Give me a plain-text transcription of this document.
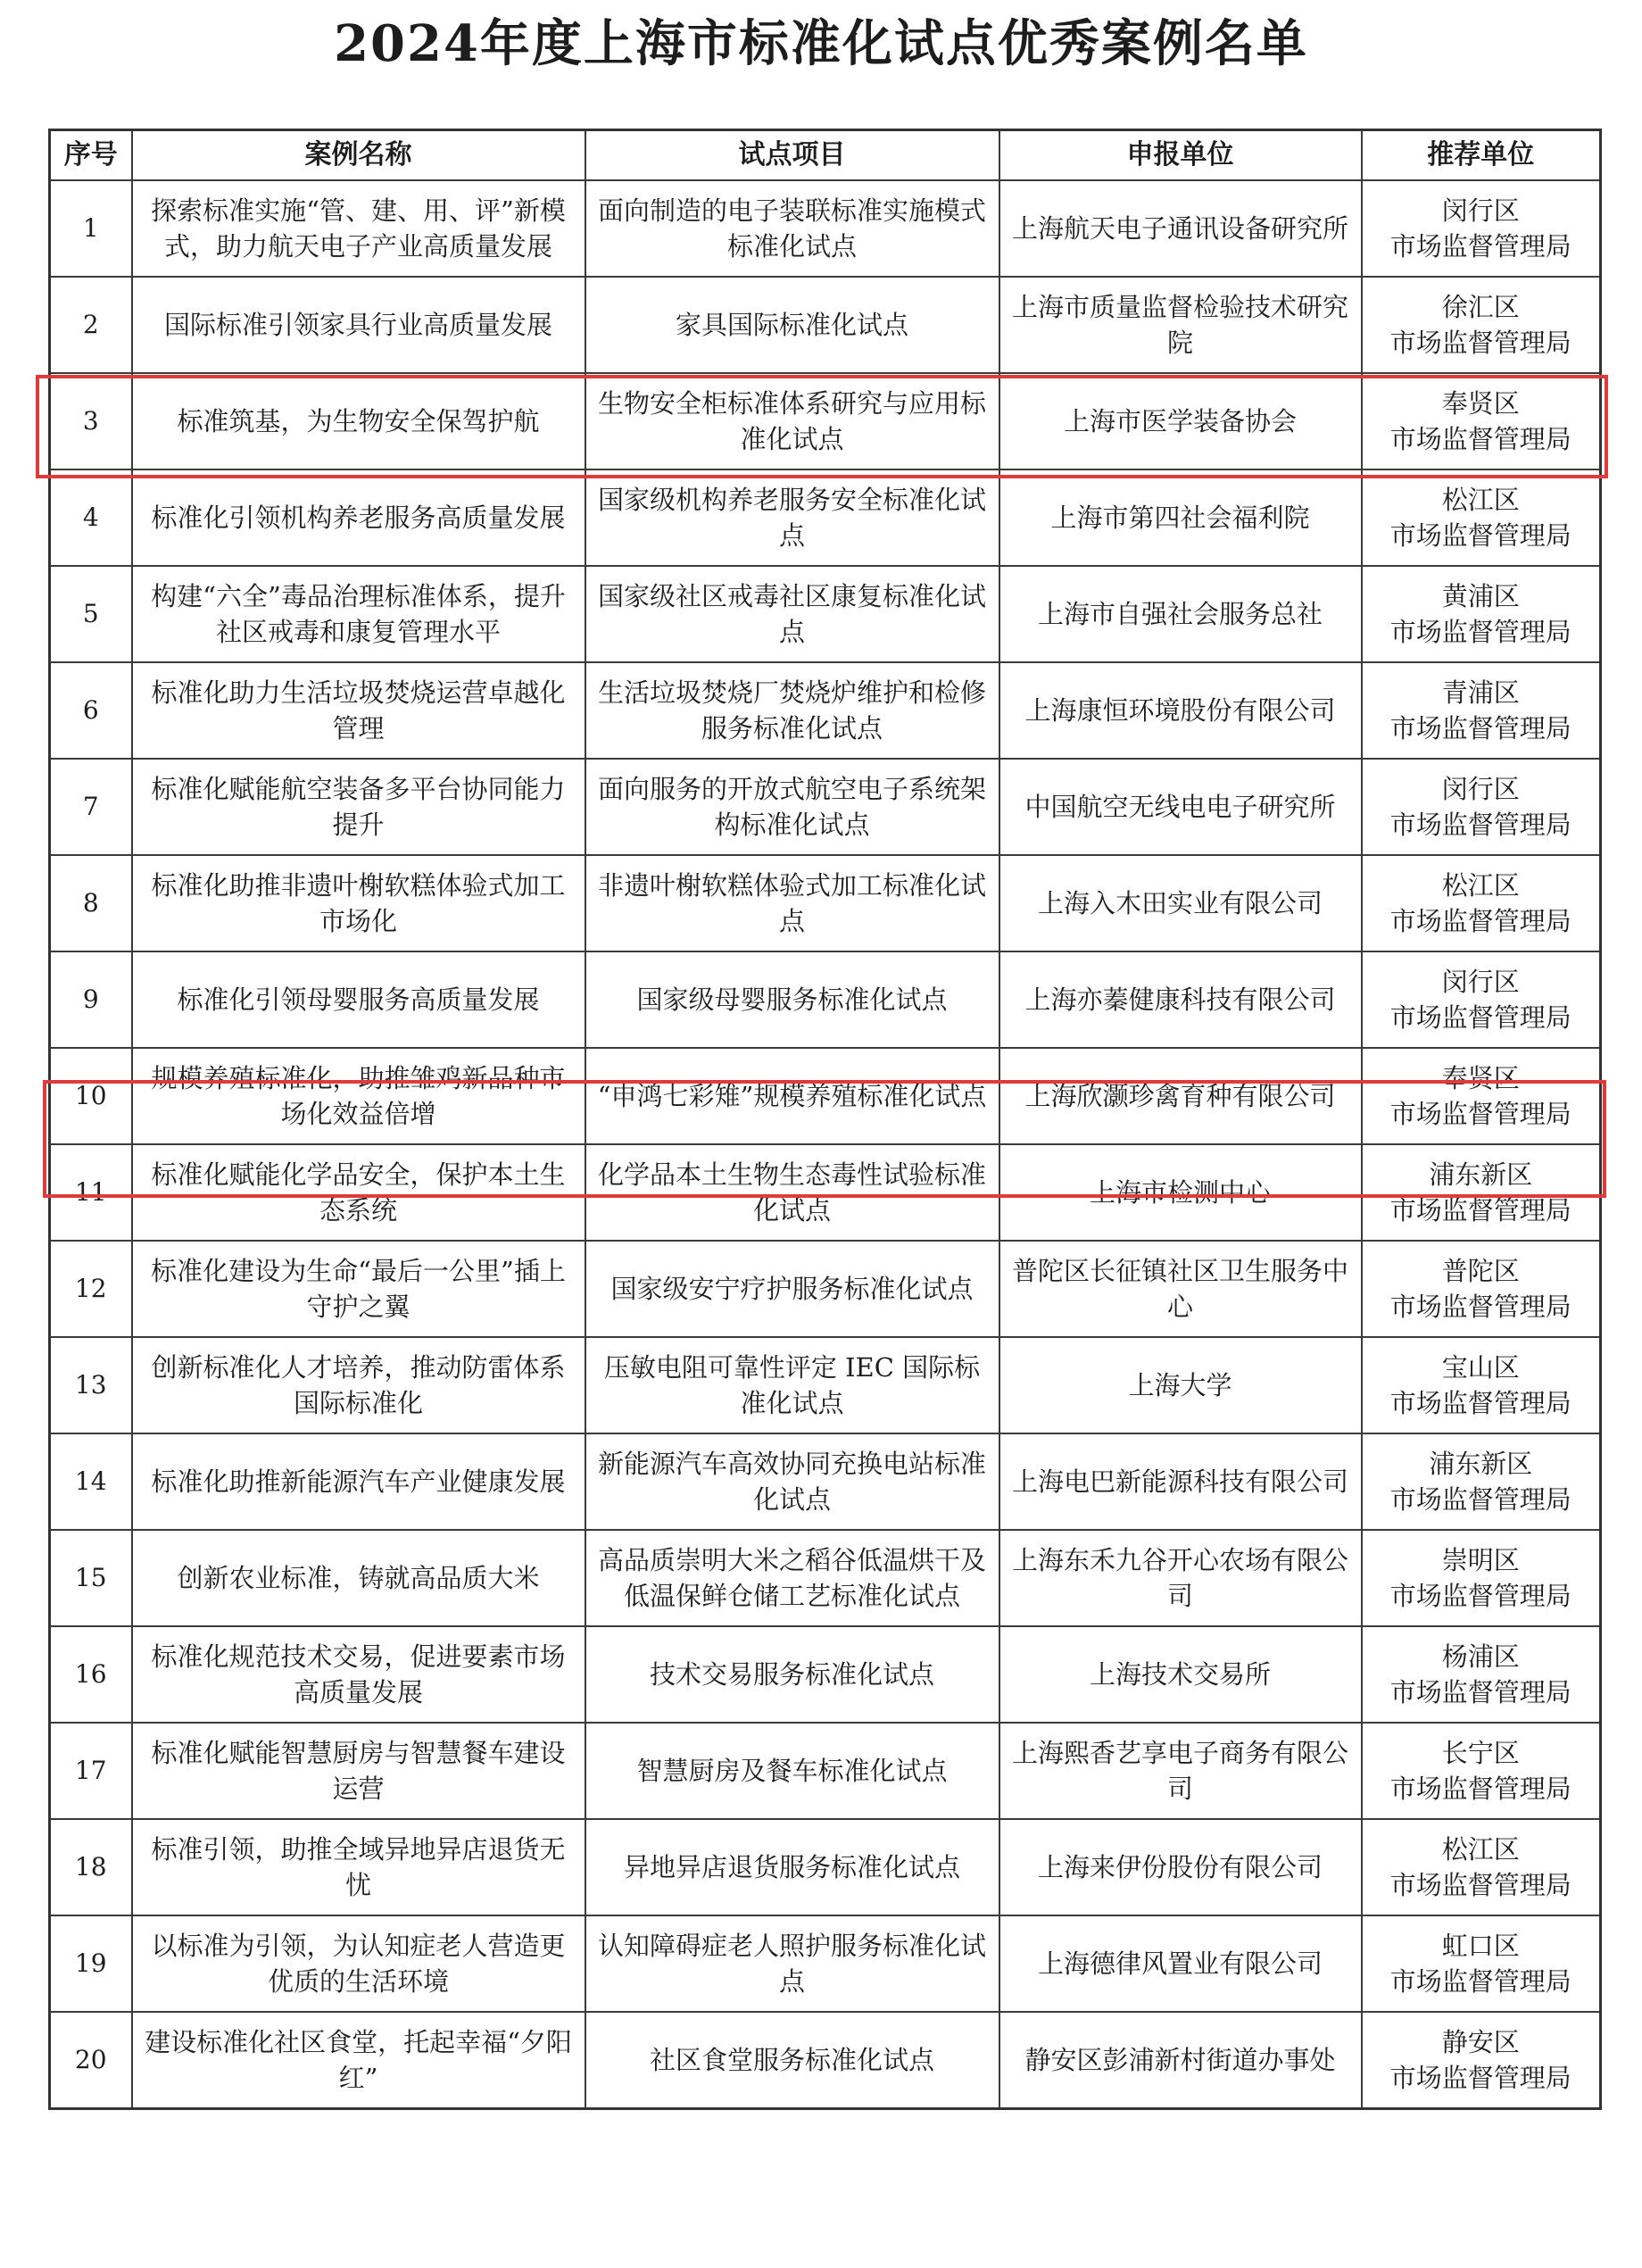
2024年度上海市标准化试点优秀案例名单
序号	案例名称	试点项目	申报单位	推荐单位
1	探索标准实施“管、建、用、评”新模式，助力航天电子产业高质量发展	面向制造的电子装联标准实施模式标准化试点	上海航天电子通讯设备研究所	闵行区
市场监督管理局

2	国际标准引领家具行业高质量发展	家具国际标准化试点	上海市质量监督检验技术研究院	徐汇区
市场监督管理局

3	标准筑基，为生物安全保驾护航	生物安全柜标准体系研究与应用标准化试点	上海市医学装备协会	奉贤区
市场监督管理局

4	标准化引领机构养老服务高质量发展	国家级机构养老服务安全标准化试点	上海市第四社会福利院	松江区
市场监督管理局

5	构建“六全”毒品治理标准体系，提升社区戒毒和康复管理水平	国家级社区戒毒社区康复标准化试点	上海市自强社会服务总社	黄浦区
市场监督管理局

6	标准化助力生活垃圾焚烧运营卓越化管理	生活垃圾焚烧厂焚烧炉维护和检修服务标准化试点	上海康恒环境股份有限公司	青浦区
市场监督管理局

7	标准化赋能航空装备多平台协同能力提升	面向服务的开放式航空电子系统架构标准化试点	中国航空无线电电子研究所	闵行区
市场监督管理局

8	标准化助推非遗叶榭软糕体验式加工市场化	非遗叶榭软糕体验式加工标准化试点	上海入木田实业有限公司	松江区
市场监督管理局

9	标准化引领母婴服务高质量发展	国家级母婴服务标准化试点	上海亦蓁健康科技有限公司	闵行区
市场监督管理局

10	规模养殖标准化，助推雏鸡新品种市场化效益倍增	“申鸿七彩雉”规模养殖标准化试点	上海欣灏珍禽育种有限公司	奉贤区
市场监督管理局

11	标准化赋能化学品安全，保护本土生态系统	化学品本土生物生态毒性试验标准化试点	上海市检测中心	浦东新区
市场监督管理局

12	标准化建设为生命“最后一公里”插上守护之翼	国家级安宁疗护服务标准化试点	普陀区长征镇社区卫生服务中心	普陀区
市场监督管理局

13	创新标准化人才培养，推动防雷体系国际标准化	压敏电阻可靠性评定 IEC 国际标准化试点	上海大学	宝山区
市场监督管理局

14	标准化助推新能源汽车产业健康发展	新能源汽车高效协同充换电站标准化试点	上海电巴新能源科技有限公司	浦东新区
市场监督管理局

15	创新农业标准，铸就高品质大米	高品质崇明大米之稻谷低温烘干及低温保鲜仓储工艺标准化试点	上海东禾九谷开心农场有限公司	崇明区
市场监督管理局

16	标准化规范技术交易，促进要素市场高质量发展	技术交易服务标准化试点	上海技术交易所	杨浦区
市场监督管理局

17	标准化赋能智慧厨房与智慧餐车建设运营	智慧厨房及餐车标准化试点	上海熙香艺享电子商务有限公司	长宁区
市场监督管理局

18	标准引领，助推全域异地异店退货无忧	异地异店退货服务标准化试点	上海来伊份股份有限公司	松江区
市场监督管理局

19	以标准为引领，为认知症老人营造更优质的生活环境	认知障碍症老人照护服务标准化试点	上海德律风置业有限公司	虹口区
市场监督管理局

20	建设标准化社区食堂，托起幸福“夕阳红”	社区食堂服务标准化试点	静安区彭浦新村街道办事处	静安区
市场监督管理局
